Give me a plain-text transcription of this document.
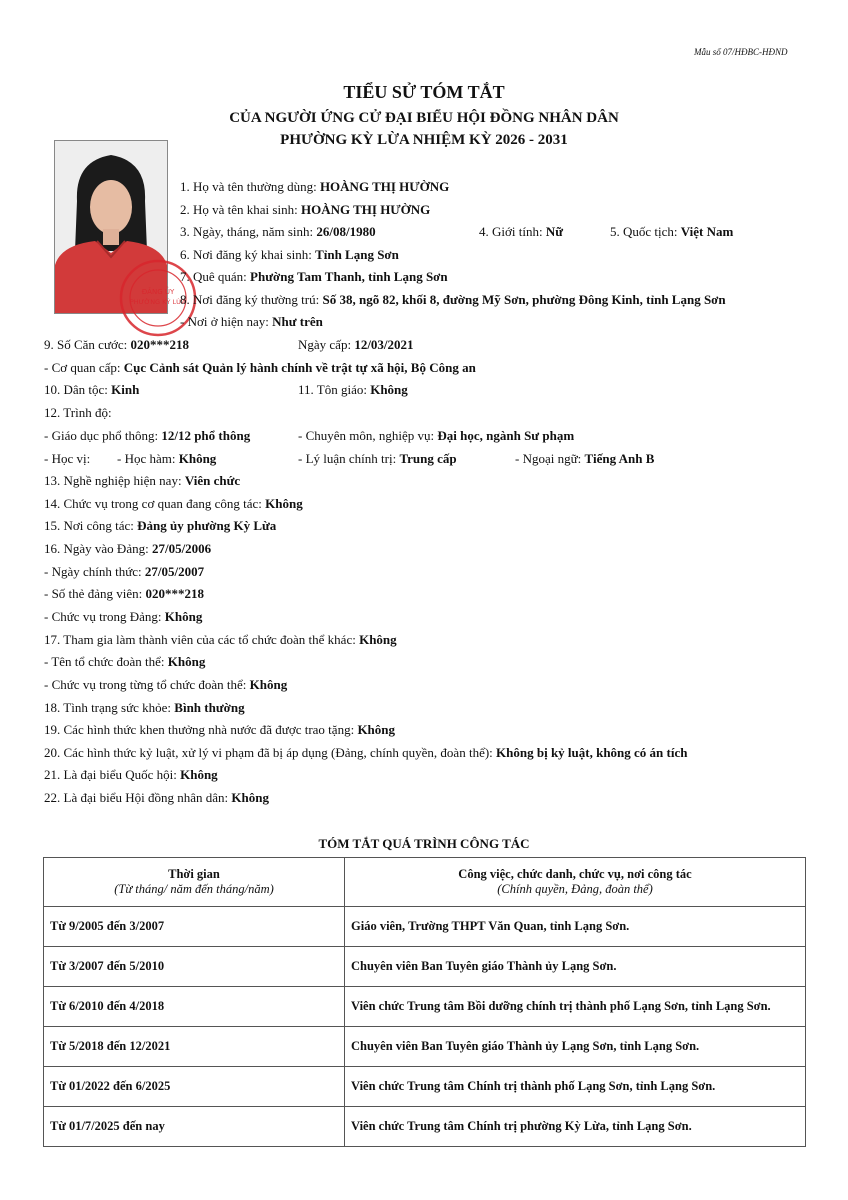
Mẫu số 07/HĐBC-HĐND
TIỂU SỬ TÓM TẮT
CỦA NGƯỜI ỨNG CỬ ĐẠI BIỂU HỘI ĐỒNG NHÂN DÂN
PHƯỜNG KỲ LỪA NHIỆM KỲ 2026 - 2031
ĐẢNG ỦY
PHƯỜNG KỲ LỪA
1. Họ và tên thường dùng: HOÀNG THỊ HƯỜNG
2. Họ và tên khai sinh: HOÀNG THỊ HƯỜNG
3. Ngày, tháng, năm sinh: 26/08/1980	4. Giới tính: Nữ	5. Quốc tịch: Việt Nam
6. Nơi đăng ký khai sinh: Tỉnh Lạng Sơn
7. Quê quán: Phường Tam Thanh, tỉnh Lạng Sơn
8. Nơi đăng ký thường trú: Số 38, ngõ 82, khối 8, đường Mỹ Sơn, phường Đông Kinh, tỉnh Lạng Sơn
- Nơi ở hiện nay: Như trên
9. Số Căn cước: 020***218	Ngày cấp: 12/03/2021
- Cơ quan cấp: Cục Cảnh sát Quản lý hành chính về trật tự xã hội, Bộ Công an
10. Dân tộc: Kinh	11. Tôn giáo: Không
12. Trình độ:
- Giáo dục phổ thông: 12/12 phổ thông	- Chuyên môn, nghiệp vụ: Đại học, ngành Sư phạm
- Học vị: - Học hàm: Không	- Lý luận chính trị: Trung cấp	- Ngoại ngữ: Tiếng Anh B
13. Nghề nghiệp hiện nay: Viên chức
14. Chức vụ trong cơ quan đang công tác: Không
15. Nơi công tác: Đảng ủy phường Kỳ Lừa
16. Ngày vào Đảng: 27/05/2006
- Ngày chính thức: 27/05/2007
- Số thẻ đảng viên: 020***218
- Chức vụ trong Đảng: Không
17. Tham gia làm thành viên của các tổ chức đoàn thể khác: Không
- Tên tổ chức đoàn thể: Không
- Chức vụ trong từng tổ chức đoàn thể: Không
18. Tình trạng sức khỏe: Bình thường
19. Các hình thức khen thưởng nhà nước đã được trao tặng: Không
20. Các hình thức kỷ luật, xử lý vi phạm đã bị áp dụng (Đảng, chính quyền, đoàn thể): Không bị kỷ luật, không có án tích
21. Là đại biểu Quốc hội: Không
22. Là đại biểu Hội đồng nhân dân: Không
TÓM TẮT QUÁ TRÌNH CÔNG TÁC
Thời gian
(Từ tháng/ năm đến tháng/năm)	Công việc, chức danh, chức vụ, nơi công tác
(Chính quyền, Đảng, đoàn thể)

Từ 9/2005 đến 3/2007	Giáo viên, Trường THPT Văn Quan, tỉnh Lạng Sơn.
Từ 3/2007 đến 5/2010	Chuyên viên Ban Tuyên giáo Thành ủy Lạng Sơn.
Từ 6/2010 đến 4/2018	Viên chức Trung tâm Bồi dưỡng chính trị thành phố Lạng Sơn, tỉnh Lạng Sơn.
Từ 5/2018 đến 12/2021	Chuyên viên Ban Tuyên giáo Thành ủy Lạng Sơn, tỉnh Lạng Sơn.
Từ 01/2022 đến 6/2025	Viên chức Trung tâm Chính trị thành phố Lạng Sơn, tỉnh Lạng Sơn.
Từ 01/7/2025 đến nay	Viên chức Trung tâm Chính trị phường Kỳ Lừa, tỉnh Lạng Sơn.
